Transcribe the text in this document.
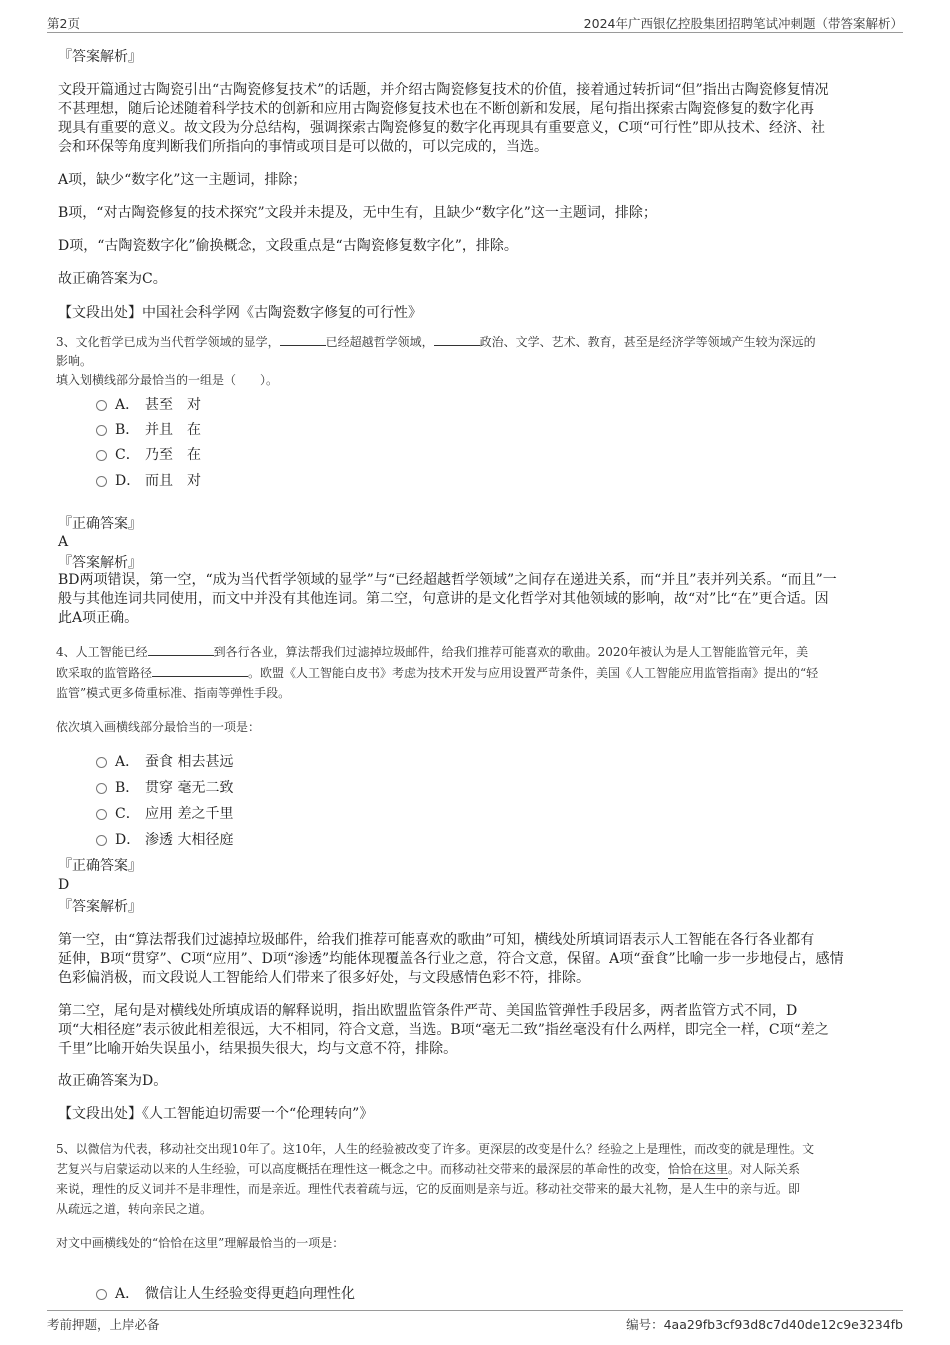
第2页	2024年广西银亿控股集团招聘笔试冲刺题（带答案解析）
『答案解析』
文段开篇通过古陶瓷引出“古陶瓷修复技术”的话题，并介绍古陶瓷修复技术的价值，接着通过转折词“但”指出古陶瓷修复情况
不甚理想，随后论述随着科学技术的创新和应用古陶瓷修复技术也在不断创新和发展，尾句指出探索古陶瓷修复的数字化再
现具有重要的意义。故文段为分总结构，强调探索古陶瓷修复的数字化再现具有重要意义，C项“可行性”即从技术、经济、社
会和环保等角度判断我们所指向的事情或项目是可以做的，可以完成的，当选。
A项，缺少“数字化”这一主题词，排除；
B项，“对古陶瓷修复的技术探究”文段并未提及，无中生有，且缺少“数字化”这一主题词，排除；
D项，“古陶瓷数字化”偷换概念，文段重点是“古陶瓷修复数字化”，排除。
故正确答案为C。
【文段出处】中国社会科学网《古陶瓷数字修复的可行性》
3、文化哲学已成为当代哲学领域的显学，	已经超越哲学领域，	政治、文学、艺术、教育，甚至是经济学等领域产生较为深远的
影响。
填入划横线部分最恰当的一组是（　　）。
A． 甚至　对
B． 并且　在
C． 乃至　在
D． 而且　对
『正确答案』
A
『答案解析』
BD两项错误，第一空，“成为当代哲学领域的显学”与“已经超越哲学领域”之间存在递进关系，而“并且”表并列关系。“而且”一
般与其他连词共同使用，而文中并没有其他连词。第二空，句意讲的是文化哲学对其他领域的影响，故“对”比“在”更合适。因
此A项正确。
4、人工智能已经	到各行各业，算法帮我们过滤掉垃圾邮件，给我们推荐可能喜欢的歌曲。2020年被认为是人工智能监管元年，美
欧采取的监管路径	。欧盟《人工智能白皮书》考虑为技术开发与应用设置严苛条件，美国《人工智能应用监管指南》提出的“轻
监管”模式更多倚重标准、指南等弹性手段。
依次填入画横线部分最恰当的一项是：
A． 蚕食 相去甚远
B． 贯穿 毫无二致
C． 应用 差之千里
D． 渗透 大相径庭
『正确答案』
D
『答案解析』
第一空，由“算法帮我们过滤掉垃圾邮件，给我们推荐可能喜欢的歌曲”可知，横线处所填词语表示人工智能在各行各业都有
延伸，B项“贯穿”、C项“应用”、D项“渗透”均能体现覆盖各行业之意，符合文意，保留。A项“蚕食”比喻一步一步地侵占，感情
色彩偏消极，而文段说人工智能给人们带来了很多好处，与文段感情色彩不符，排除。
第二空，尾句是对横线处所填成语的解释说明，指出欧盟监管条件严苛、美国监管弹性手段居多，两者监管方式不同，D
项“大相径庭”表示彼此相差很远，大不相同，符合文意，当选。B项“毫无二致”指丝毫没有什么两样，即完全一样，C项“差之
千里”比喻开始失误虽小，结果损失很大，均与文意不符，排除。
故正确答案为D。
【文段出处】《人工智能迫切需要一个“伦理转向”》
5、以微信为代表，移动社交出现10年了。这10年，人生的经验被改变了许多。更深层的改变是什么？经验之上是理性，而改变的就是理性。文
艺复兴与启蒙运动以来的人生经验，可以高度概括在理性这一概念之中。而移动社交带来的最深层的革命性的改变，恰恰在这里。对人际关系
来说，理性的反义词并不是非理性，而是亲近。理性代表着疏与远，它的反面则是亲与近。移动社交带来的最大礼物，是人生中的亲与近。即
从疏远之道，转向亲民之道。
对文中画横线处的“恰恰在这里”理解最恰当的一项是：
A． 微信让人生经验变得更趋向理性化
考前押题，上岸必备	编号：4aa29fb3cf93d8c7d40de12c9e3234fb
